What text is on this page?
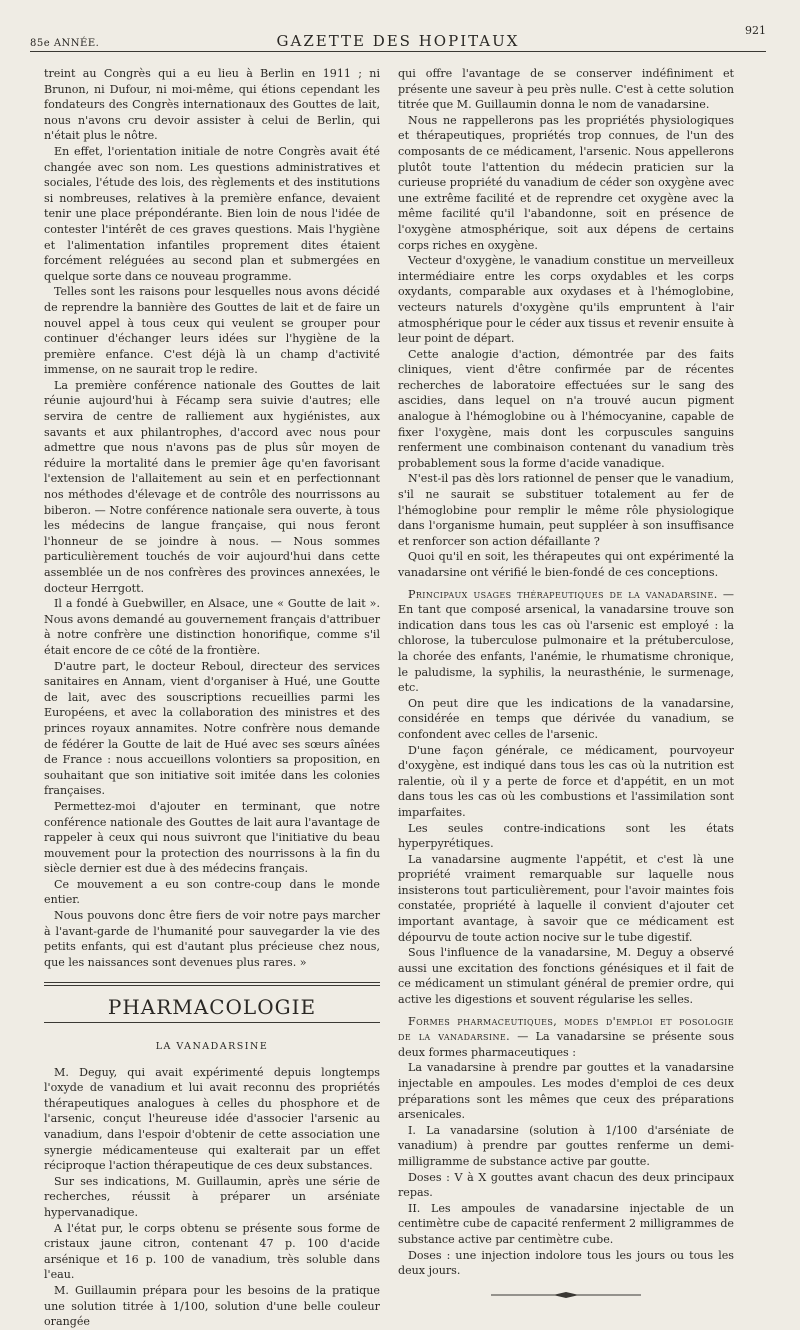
85e ANNÉE.	GAZETTE DES HOPITAUX
921

treint au Congrès qui a eu lieu à Berlin en 1911 ; ni Brunon, ni Dufour, ni moi-même, qui étions cependant les fondateurs des Congrès internationaux des Gouttes de lait, nous n'avons cru devoir assister à celui de Berlin, qui n'était plus le nôtre.

En effet, l'orientation initiale de notre Congrès avait été changée avec son nom. Les questions administratives et sociales, l'étude des lois, des règlements et des institutions si nombreuses, relatives à la première enfance, devaient tenir une place prépondérante. Bien loin de nous l'idée de contester l'intérêt de ces graves questions. Mais l'hygiène et l'alimentation infantiles proprement dites étaient forcément reléguées au second plan et submergées en quelque sorte dans ce nouveau programme.

Telles sont les raisons pour lesquelles nous avons décidé de reprendre la bannière des Gouttes de lait et de faire un nouvel appel à tous ceux qui veulent se grouper pour continuer d'échanger leurs idées sur l'hygiène de la première enfance. C'est déjà là un champ d'activité immense, on ne saurait trop le redire.

La première conférence nationale des Gouttes de lait réunie aujourd'hui à Fécamp sera suivie d'autres; elle servira de centre de ralliement aux hygiénistes, aux savants et aux philantrophes, d'accord avec nous pour admettre que nous n'avons pas de plus sûr moyen de réduire la mortalité dans le premier âge qu'en favorisant l'extension de l'allaitement au sein et en perfectionnant nos méthodes d'élevage et de contrôle des nourrissons au biberon. — Notre conférence nationale sera ouverte, à tous les médecins de langue française, qui nous feront l'honneur de se joindre à nous. — Nous sommes particulièrement touchés de voir aujourd'hui dans cette assemblée un de nos confrères des provinces annexées, le docteur Herrgott.

Il a fondé à Guebwiller, en Alsace, une « Goutte de lait ». Nous avons demandé au gouvernement français d'attribuer à notre confrère une distinction honorifique, comme s'il était encore de ce côté de la frontière.

D'autre part, le docteur Reboul, directeur des services sanitaires en Annam, vient d'organiser à Hué, une Goutte de lait, avec des souscriptions recueillies parmi les Européens, et avec la collaboration des ministres et des princes royaux annamites. Notre confrère nous demande de fédérer la Goutte de lait de Hué avec ses sœurs aînées de France : nous accueillons volontiers sa proposition, en souhaitant que son initiative soit imitée dans les colonies françaises.

Permettez-moi d'ajouter en terminant, que notre conférence nationale des Gouttes de lait aura l'avantage de rappeler à ceux qui nous suivront que l'initiative du beau mouvement pour la protection des nourrissons à la fin du siècle dernier est due à des médecins français.

Ce mouvement a eu son contre-coup dans le monde entier.

Nous pouvons donc être fiers de voir notre pays marcher à l'avant-garde de l'humanité pour sauvegarder la vie des petits enfants, qui est d'autant plus précieuse chez nous, que les naissances sont devenues plus rares. »

PHARMACOLOGIE
LA VANADARSINE

M. Deguy, qui avait expérimenté depuis longtemps l'oxyde de vanadium et lui avait reconnu des propriétés thérapeutiques analogues à celles du phosphore et de l'arsenic, conçut l'heureuse idée d'associer l'arsenic au vanadium, dans l'espoir d'obtenir de cette association une synergie médicamenteuse qui exalterait par un effet réciproque l'action thérapeutique de ces deux substances.

Sur ses indications, M. Guillaumin, après une série de recherches, réussit à préparer un arséniate hypervanadique.

A l'état pur, le corps obtenu se présente sous forme de cristaux jaune citron, contenant 47 p. 100 d'acide arsénique et 16 p. 100 de vanadium, très soluble dans l'eau.

M. Guillaumin prépara pour les besoins de la pratique une solution titrée à 1/100, solution d'une belle couleur orangée

qui offre l'avantage de se conserver indéfiniment et présente une saveur à peu près nulle. C'est à cette solution titrée que M. Guillaumin donna le nom de vanadarsine.

Nous ne rappellerons pas les propriétés physiologiques et thérapeutiques, propriétés trop connues, de l'un des composants de ce médicament, l'arsenic. Nous appellerons plutôt toute l'attention du médecin praticien sur la curieuse propriété du vanadium de céder son oxygène avec une extrême facilité et de reprendre cet oxygène avec la même facilité qu'il l'abandonne, soit en présence de l'oxygène atmosphérique, soit aux dépens de certains corps riches en oxygène.

Vecteur d'oxygène, le vanadium constitue un merveilleux intermédiaire entre les corps oxydables et les corps oxydants, comparable aux oxydases et à l'hémoglobine, vecteurs naturels d'oxygène qu'ils empruntent à l'air atmosphérique pour le céder aux tissus et revenir ensuite à leur point de départ.

Cette analogie d'action, démontrée par des faits cliniques, vient d'être confirmée par de récentes recherches de laboratoire effectuées sur le sang des ascidies, dans lequel on n'a trouvé aucun pigment analogue à l'hémoglobine ou à l'hémocyanine, capable de fixer l'oxygène, mais dont les corpuscules sanguins renferment une combinaison contenant du vanadium très probablement sous la forme d'acide vanadique.

N'est-il pas dès lors rationnel de penser que le vanadium, s'il ne saurait se substituer totalement au fer de l'hémoglobine pour remplir le même rôle physiologique dans l'organisme humain, peut suppléer à son insuffisance et renforcer son action défaillante ?

Quoi qu'il en soit, les thérapeutes qui ont expérimenté la vanadarsine ont vérifié le bien-fondé de ces conceptions.

Principaux usages thérapeutiques de la vanadarsine. — En tant que composé arsenical, la vanadarsine trouve son indication dans tous les cas où l'arsenic est employé : la chlorose, la tuberculose pulmonaire et la prétuberculose, la chorée des enfants, l'anémie, le rhumatisme chronique, le paludisme, la syphilis, la neurasthénie, le surmenage, etc.

On peut dire que les indications de la vanadarsine, considérée en temps que dérivée du vanadium, se confondent avec celles de l'arsenic.

D'une façon générale, ce médicament, pourvoyeur d'oxygène, est indiqué dans tous les cas où la nutrition est ralentie, où il y a perte de force et d'appétit, en un mot dans tous les cas où les combustions et l'assimilation sont imparfaites.

Les seules contre-indications sont les états hyperpyrétiques.

La vanadarsine augmente l'appétit, et c'est là une propriété vraiment remarquable sur laquelle nous insisterons tout particulièrement, pour l'avoir maintes fois constatée, propriété à laquelle il convient d'ajouter cet important avantage, à savoir que ce médicament est dépourvu de toute action nocive sur le tube digestif.

Sous l'influence de la vanadarsine, M. Deguy a observé aussi une excitation des fonctions génésiques et il fait de ce médicament un stimulant général de premier ordre, qui active les digestions et souvent régularise les selles.

Formes pharmaceutiques, modes d'emploi et posologie de la vanadarsine. — La vanadarsine se présente sous deux formes pharmaceutiques :

La vanadarsine à prendre par gouttes et la vanadarsine injectable en ampoules. Les modes d'emploi de ces deux préparations sont les mêmes que ceux des préparations arsenicales.

I. La vanadarsine (solution à 1/100 d'arséniate de vanadium) à prendre par gouttes renferme un demi-milligramme de substance active par goutte.

Doses : V à X gouttes avant chacun des deux principaux repas.

II. Les ampoules de vanadarsine injectable de un centimètre cube de capacité renferment 2 milligrammes de substance active par centimètre cube.

Doses : une injection indolore tous les jours ou tous les deux jours.
